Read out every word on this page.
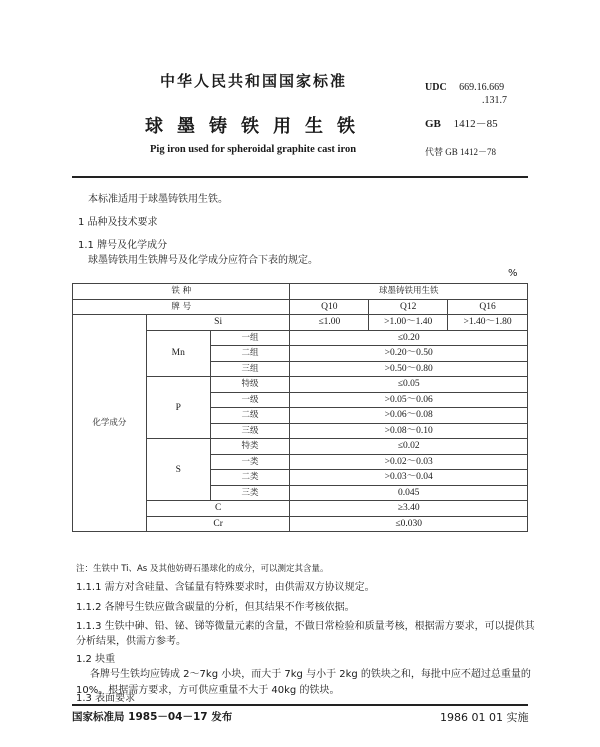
中华人民共和国国家标准
球墨铸铁用生铁
Pig iron used for spheroidal graphite cast iron
UDC 669.16.669
.131.7
GB 1412－85
代替 GB 1412－78
本标准适用于球墨铸铁用生铁。
1 品种及技术要求
1.1 牌号及化学成分
球墨铸铁用生铁牌号及化学成分应符合下表的规定。
%
铁 种			球墨铸铁用生铁		
牌 号			Q10	Q12	Q16
化学成分	Si		≤1.00	>1.00～1.40	>1.40～1.80
	Mn	一组	≤0.20		
		二组	>0.20～0.50		
		三组	>0.50～0.80		
	P	特级	≤0.05		
		一级	>0.05～0.06		
		二级	>0.06～0.08		
		三级	>0.08～0.10		
	S	特类	≤0.02		
		一类	>0.02～0.03		
		二类	>0.03～0.04		
		三类	0.045		
	C		≥3.40		
	Cr		≤0.030		
注：生铁中 Ti、As 及其他妨碍石墨球化的成分，可以测定其含量。
1.1.1 需方对含硅量、含锰量有特殊要求时，由供需双方协议规定。
1.1.2 各牌号生铁应做含碳量的分析，但其结果不作考核依据。
1.1.3 生铁中砷、铅、铋、锑等微量元素的含量，不做日常检验和质量考核，根据需方要求，可以提供其
分析结果，供需方参考。
1.2 块重
各牌号生铁均应铸成 2～7kg 小块，而大于 7kg 与小于 2kg 的铁块之和，每批中应不超过总重量的
10%。根据需方要求，方可供应重量不大于 40kg 的铁块。
1.3 表面要求
国家标准局 1985－04－17 发布	1986 01 01 实施
